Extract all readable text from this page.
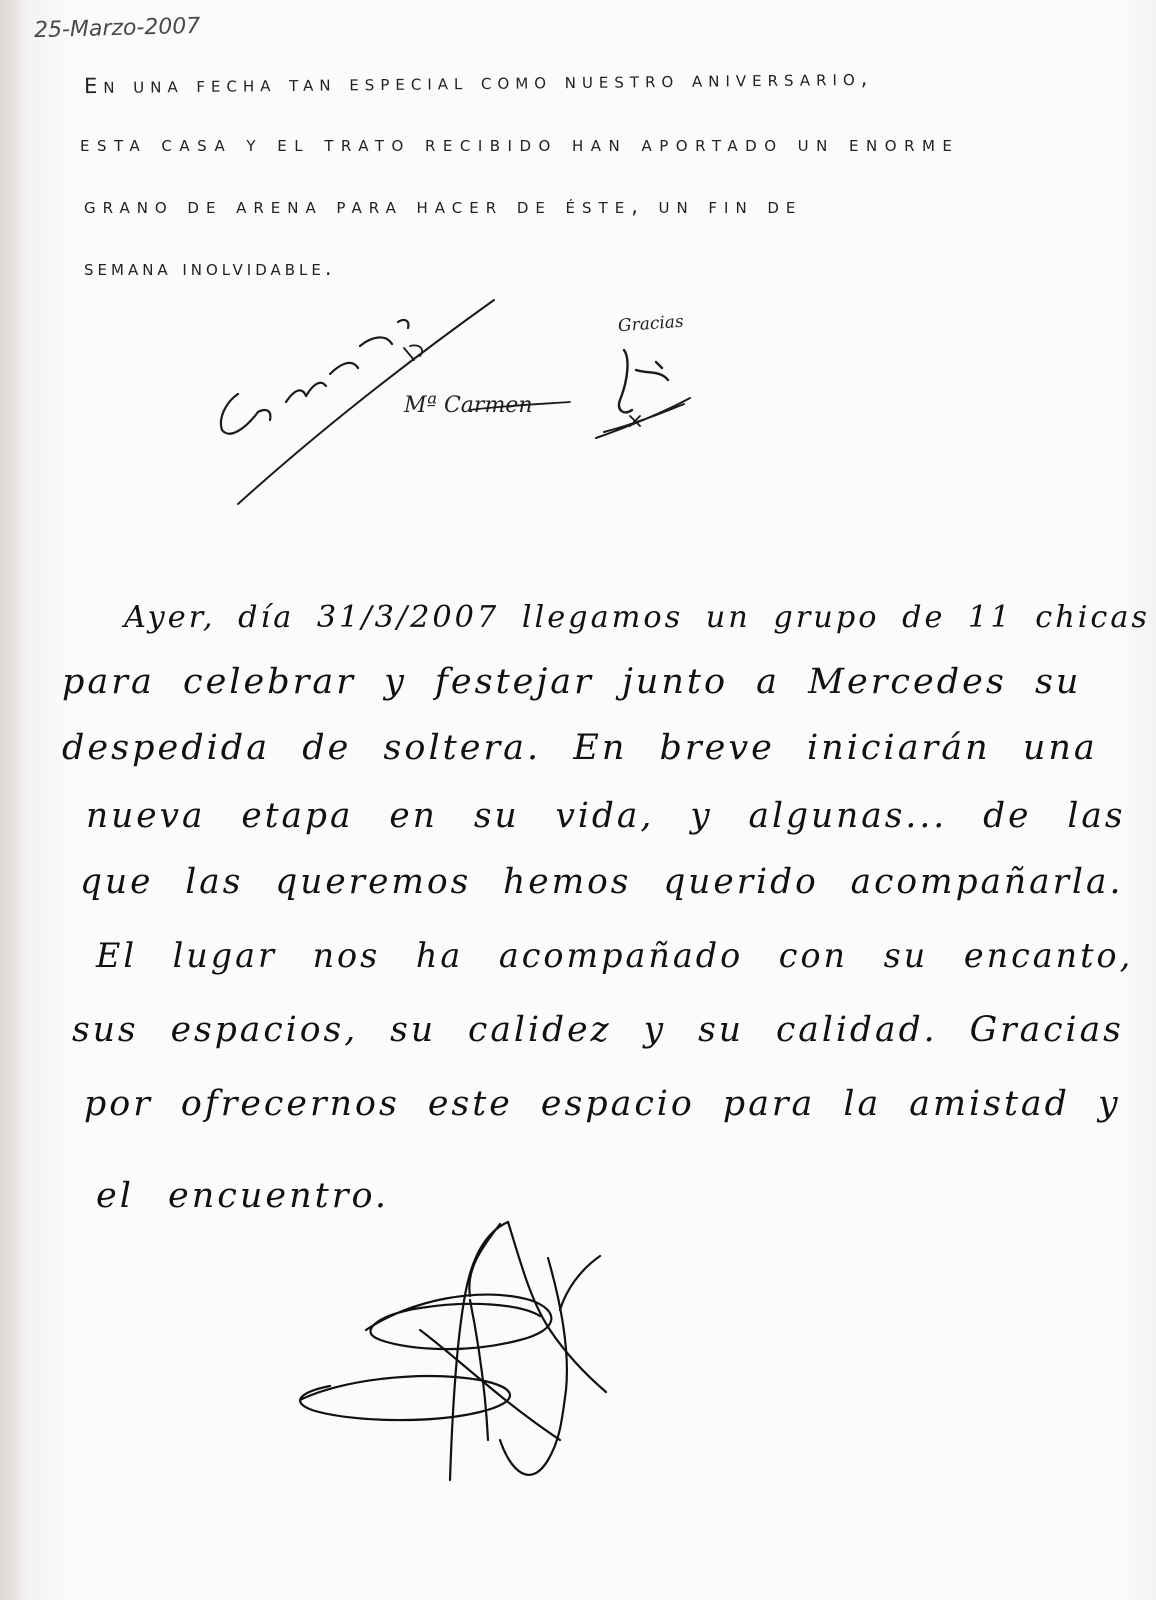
25-Marzo-2007
En una fecha tan especial como nuestro aniversario,
esta casa y el trato recibido han aportado un enorme
grano de arena para hacer de éste, un fin de
semana inolvidable.
Gracias
Mª Carmen
Ayer, día 31/3/2007 llegamos un grupo de 11 chicas
para celebrar y festejar junto a Mercedes su
despedida de soltera. En breve iniciarán una
nueva etapa en su vida, y algunas... de las
que las queremos hemos querido acompañarla.
El lugar nos ha acompañado con su encanto,
sus espacios, su calidez y su calidad. Gracias
por ofrecernos este espacio para la amistad y
el encuentro.
